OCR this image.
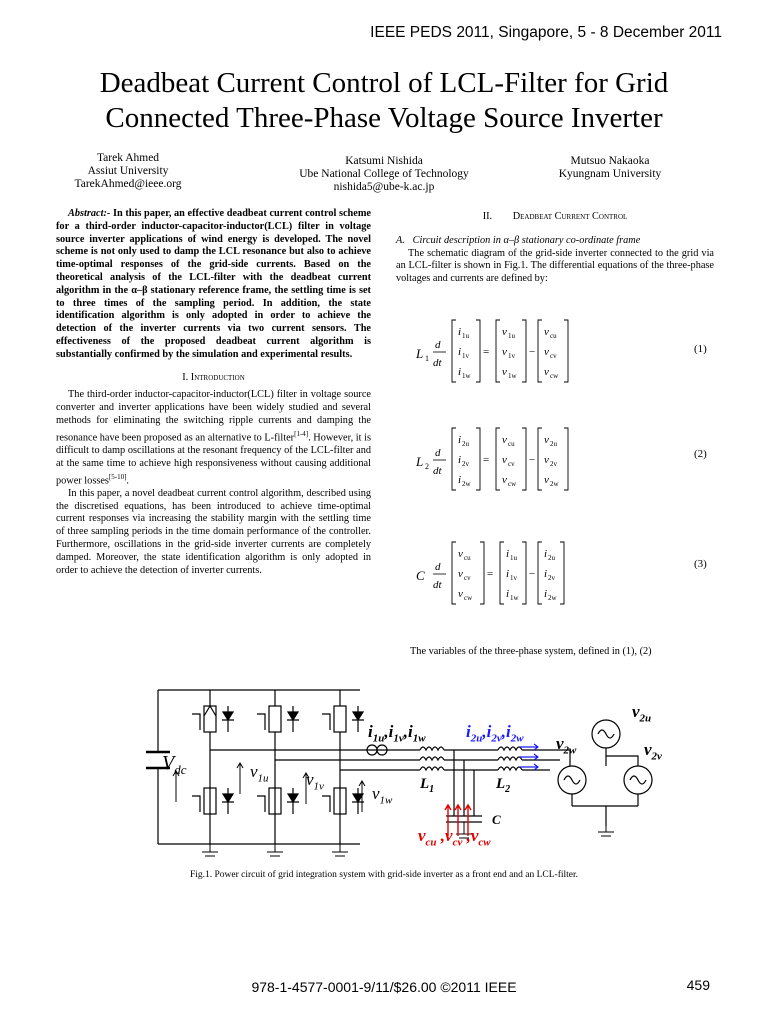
IEEE PEDS 2011, Singapore, 5 - 8 December 2011
Deadbeat Current Control of LCL-Filter for Grid
Connected Three-Phase Voltage Source Inverter
Tarek Ahmed
Assiut University
TarekAhmed@ieee.org
Katsumi Nishida
Ube National College of Technology
nishida5@ube-k.ac.jp
Mutsuo Nakaoka
Kyungnam University

Abstract:- In this paper, an effective deadbeat current control scheme for a third-order inductor-capacitor-inductor(LCL) filter in voltage source inverter applications of wind energy is developed. The novel scheme is not only used to damp the LCL resonance but also to achieve time-optimal responses of the grid-side currents. Based on the theoretical analysis of the LCL-filter with the deadbeat current algorithm in the α–β stationary reference frame, the settling time is set to three times of the sampling period. In addition, the state identification algorithm is only adopted in order to achieve the detection of the inverter currents via two current sensors. The effectiveness of the proposed deadbeat current algorithm is substantially confirmed by the simulation and experimental results.

I. Introduction

The third-order inductor-capacitor-inductor(LCL) filter in voltage source converter and inverter applications have been widely studied and several methods for eliminating the switching ripple currents and damping the resonance have been proposed as an alternative to L-filter[1-4]. However, it is difficult to damp oscillations at the resonant frequency of the LCL-filter and at the same time to achieve high responsiveness without causing additional power losses[5-10].

In this paper, a novel deadbeat current control algorithm, described using the discretised equations, has been introduced to achieve time-optimal current responses via increasing the stability margin with the settling time of three sampling periods in the time domain performance of the controller. Furthermore, oscillations in the grid-side inverter currents are completely damped. Moreover, the state identification algorithm is only adopted in order to achieve the detection of inverter currents.

II. Deadbeat Current Control
A. Circuit description in α–β stationary co-ordinate frame

The schematic diagram of the grid-side inverter connected to the grid via an LCL-filter is shown in Fig.1. The differential equations of the three-phase voltages and currents are defined by:

L 1
d
dt
i 1u
i 1v
i 1w
=
v 1u
v 1v
v 1w
−
v cu
v cv
v cw
L 2
d
dt
i 2u
i 2v
i 2w
=
v cu
v cv
v cw
−
v 2u
v 2v
v 2w
C
d
dt
v cu
v cv
v cw
=
i 1u
i 1v
i 1w
−
i 2u
i 2v
i 2w
(1)
(2)
(3)
The variables of the three-phase system, defined in (1), (2)
$V_{dc}$	$v_{1u}$ $v_{1v}$	$v_{1w}$
$i_{1u},i_{1v},i_{1w}$ $i_{2u},i_{2v},i_{2w}$
$L_1$	$L_2$
C
$v_{cu}$ $,v_{cv}$ $,v_{cw}$
$v_{2u}$
$v_{2w}$	$v_{2v}$
Fig.1. Power circuit of grid integration system with grid-side inverter as a front end and an LCL-filter.
978-1-4577-0001-9/11/$26.00 ©2011 IEEE	459
